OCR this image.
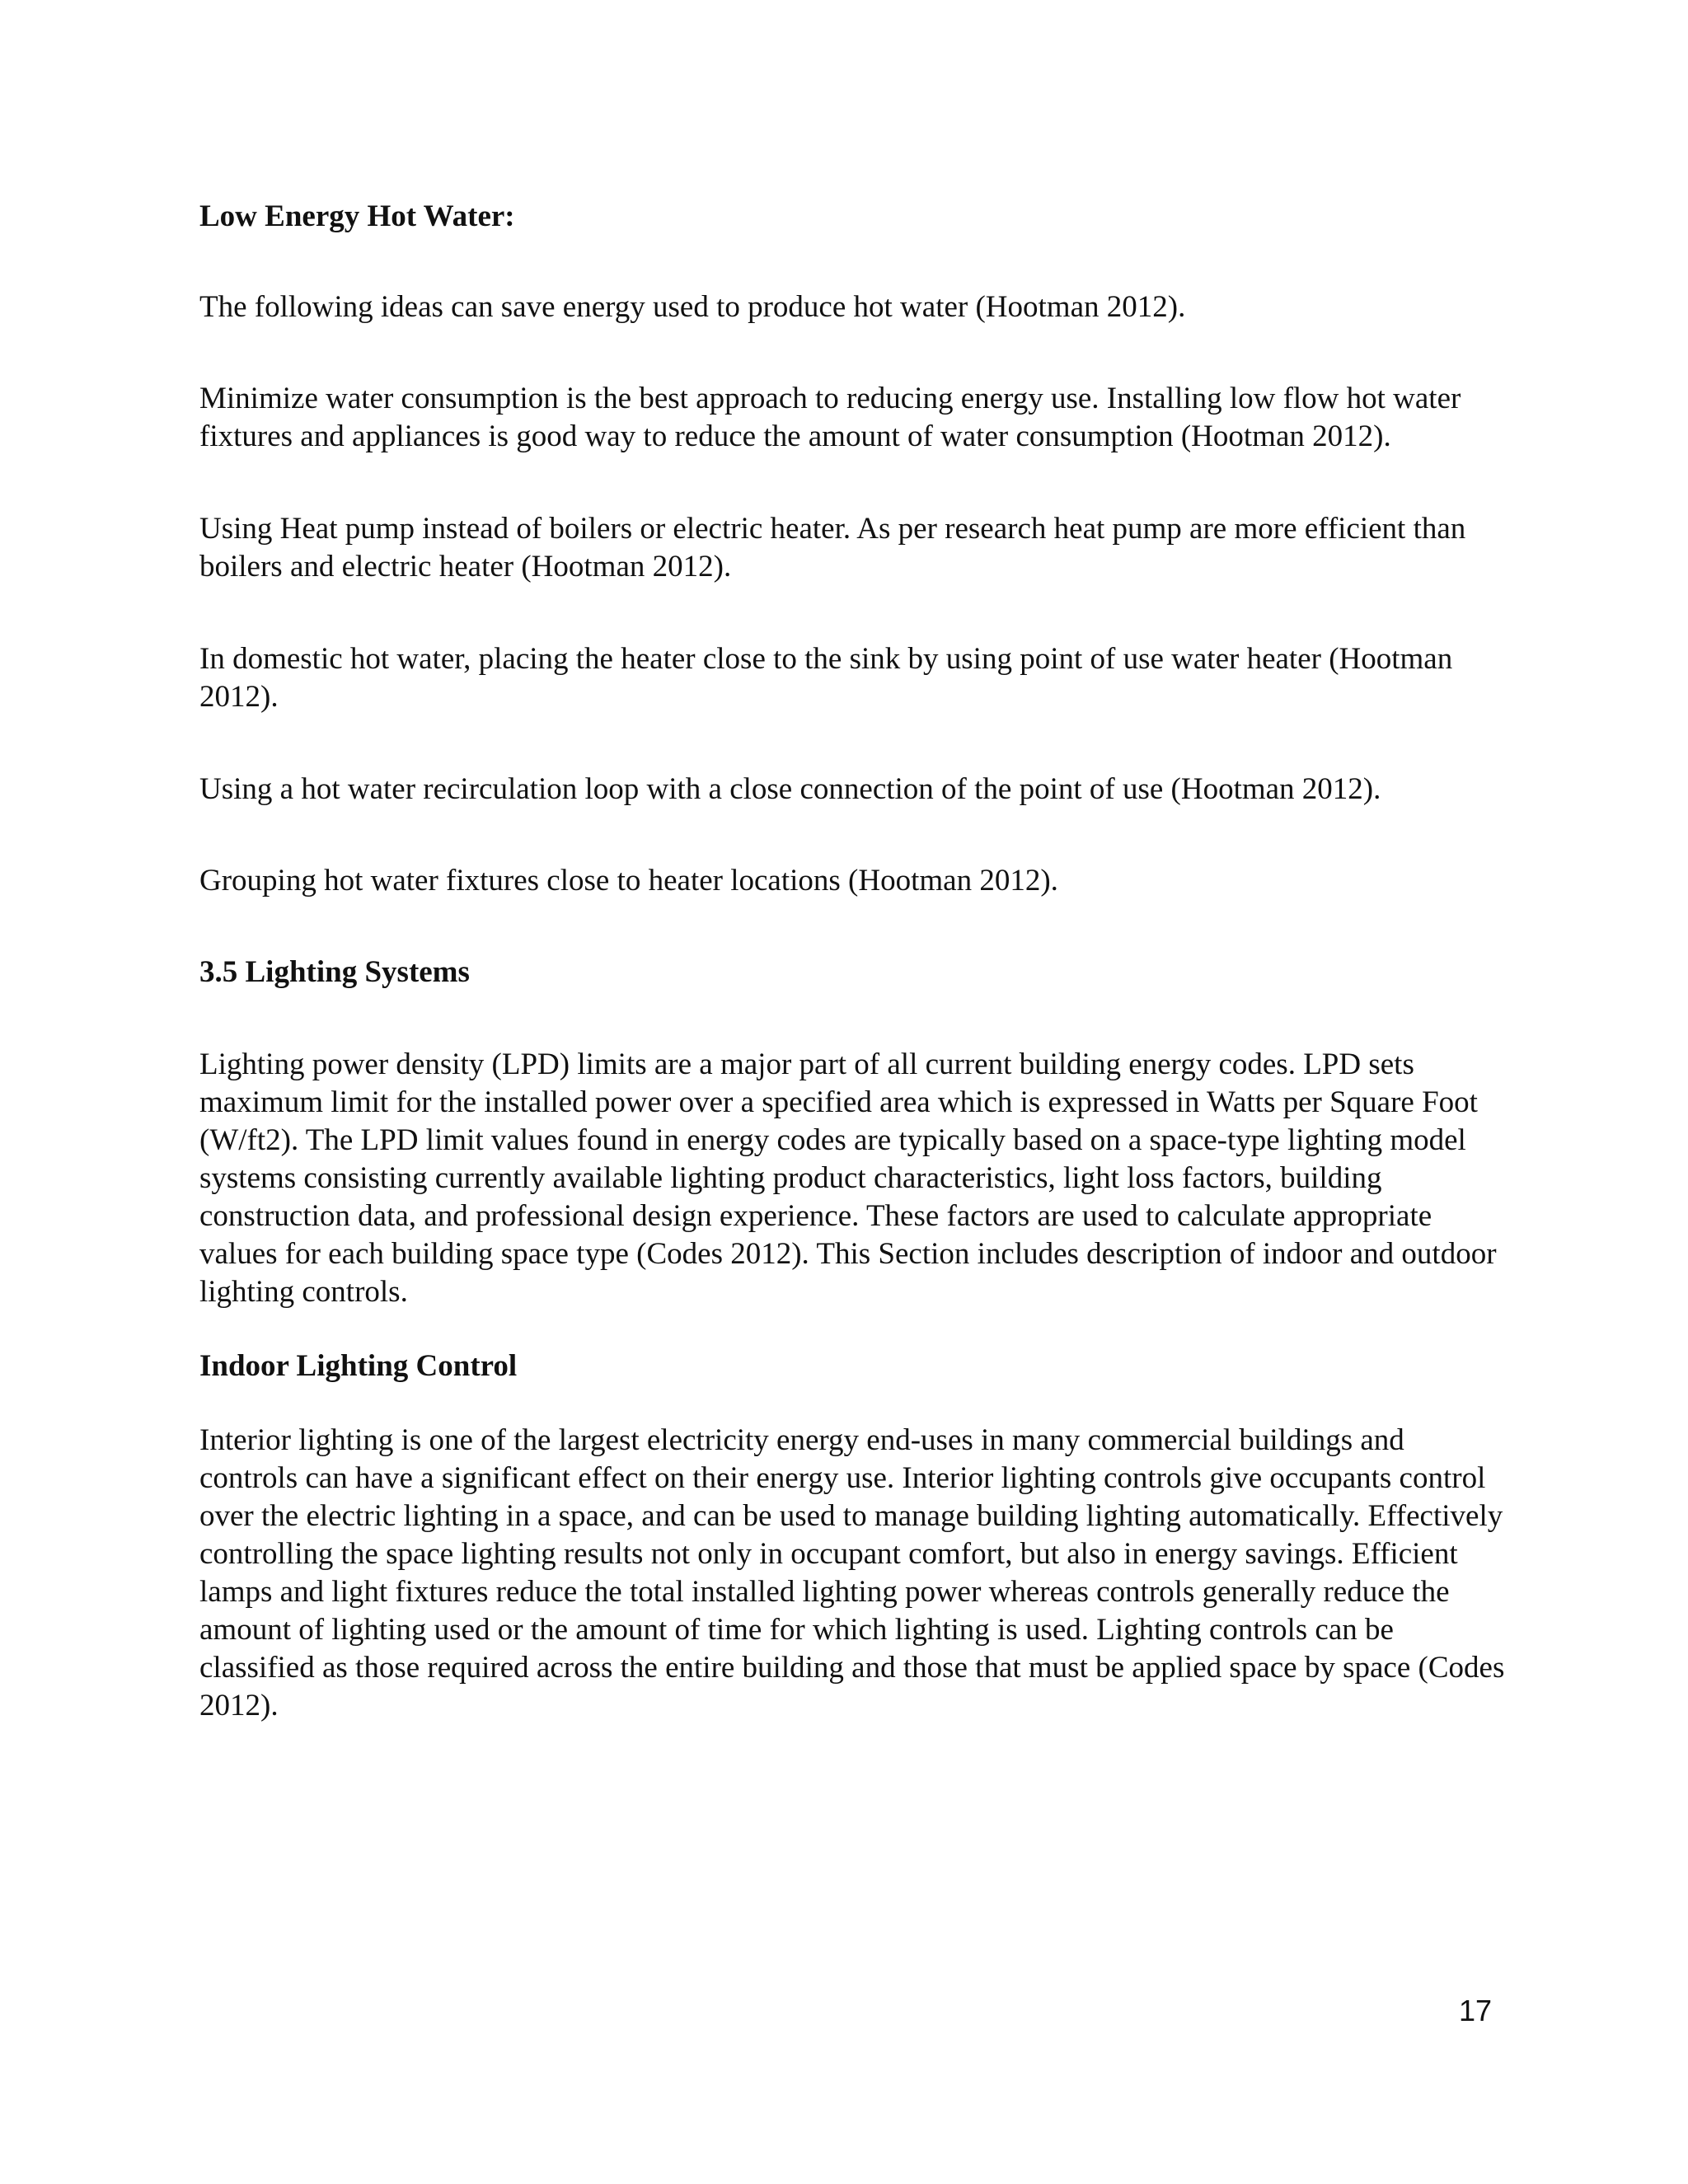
Low Energy Hot Water:

The following ideas can save energy used to produce hot water (Hootman 2012).

Minimize water consumption is the best approach to reducing energy use. Installing low flow hot water fixtures and appliances is good way to reduce the amount of water consumption (Hootman 2012).

Using Heat pump instead of boilers or electric heater. As per research heat pump are more efficient than boilers and electric heater (Hootman 2012).

In domestic hot water, placing the heater close to the sink by using point of use water heater (Hootman 2012).

Using a hot water recirculation loop with a close connection of the point of use (Hootman 2012).

Grouping hot water fixtures close to heater locations (Hootman 2012).

3.5 Lighting Systems

Lighting power density (LPD) limits are a major part of all current building energy codes. LPD sets maximum limit for the installed power over a specified area which is expressed in Watts per Square Foot (W/ft2). The LPD limit values found in energy codes are typically based on a space-type lighting model systems consisting currently available lighting product characteristics, light loss factors, building construction data, and professional design experience. These factors are used to calculate appropriate values for each building space type (Codes 2012). This Section includes description of indoor and outdoor lighting controls.

Indoor Lighting Control

Interior lighting is one of the largest electricity energy end-uses in many commercial buildings and controls can have a significant effect on their energy use. Interior lighting controls give occupants control over the electric lighting in a space, and can be used to manage building lighting automatically. Effectively controlling the space lighting results not only in occupant comfort, but also in energy savings. Efficient lamps and light fixtures reduce the total installed lighting power whereas controls generally reduce the amount of lighting used or the amount of time for which lighting is used. Lighting controls can be classified as those required across the entire building and those that must be applied space by space (Codes 2012).

17
